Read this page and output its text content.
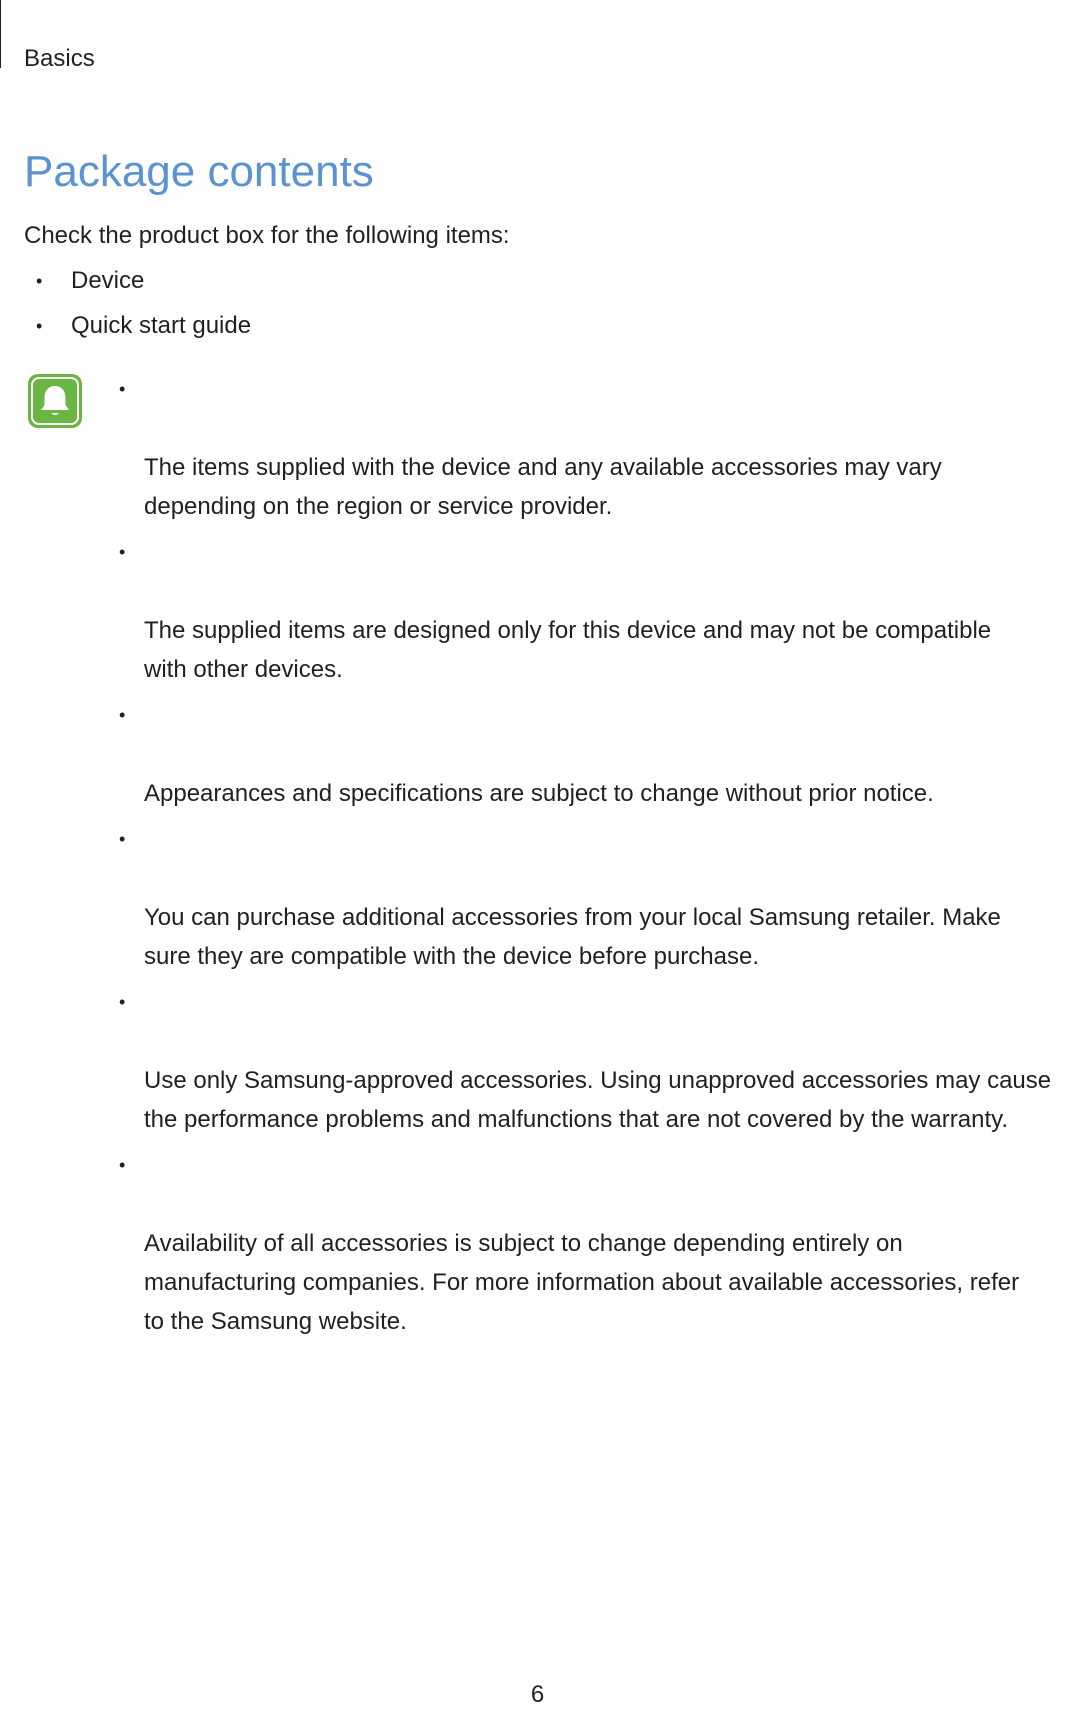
Basics
Package contents

Check the product box for the following items:

• Device
• Quick start guide

•

The items supplied with the device and any available accessories may vary
depending on the region or service provider.

•

The supplied items are designed only for this device and may not be compatible
with other devices.

•

Appearances and specifications are subject to change without prior notice.

•

You can purchase additional accessories from your local Samsung retailer. Make
sure they are compatible with the device before purchase.

•

Use only Samsung-approved accessories. Using unapproved accessories may cause
the performance problems and malfunctions that are not covered by the warranty.

•

Availability of all accessories is subject to change depending entirely on
manufacturing companies. For more information about available accessories, refer
to the Samsung website.

6
